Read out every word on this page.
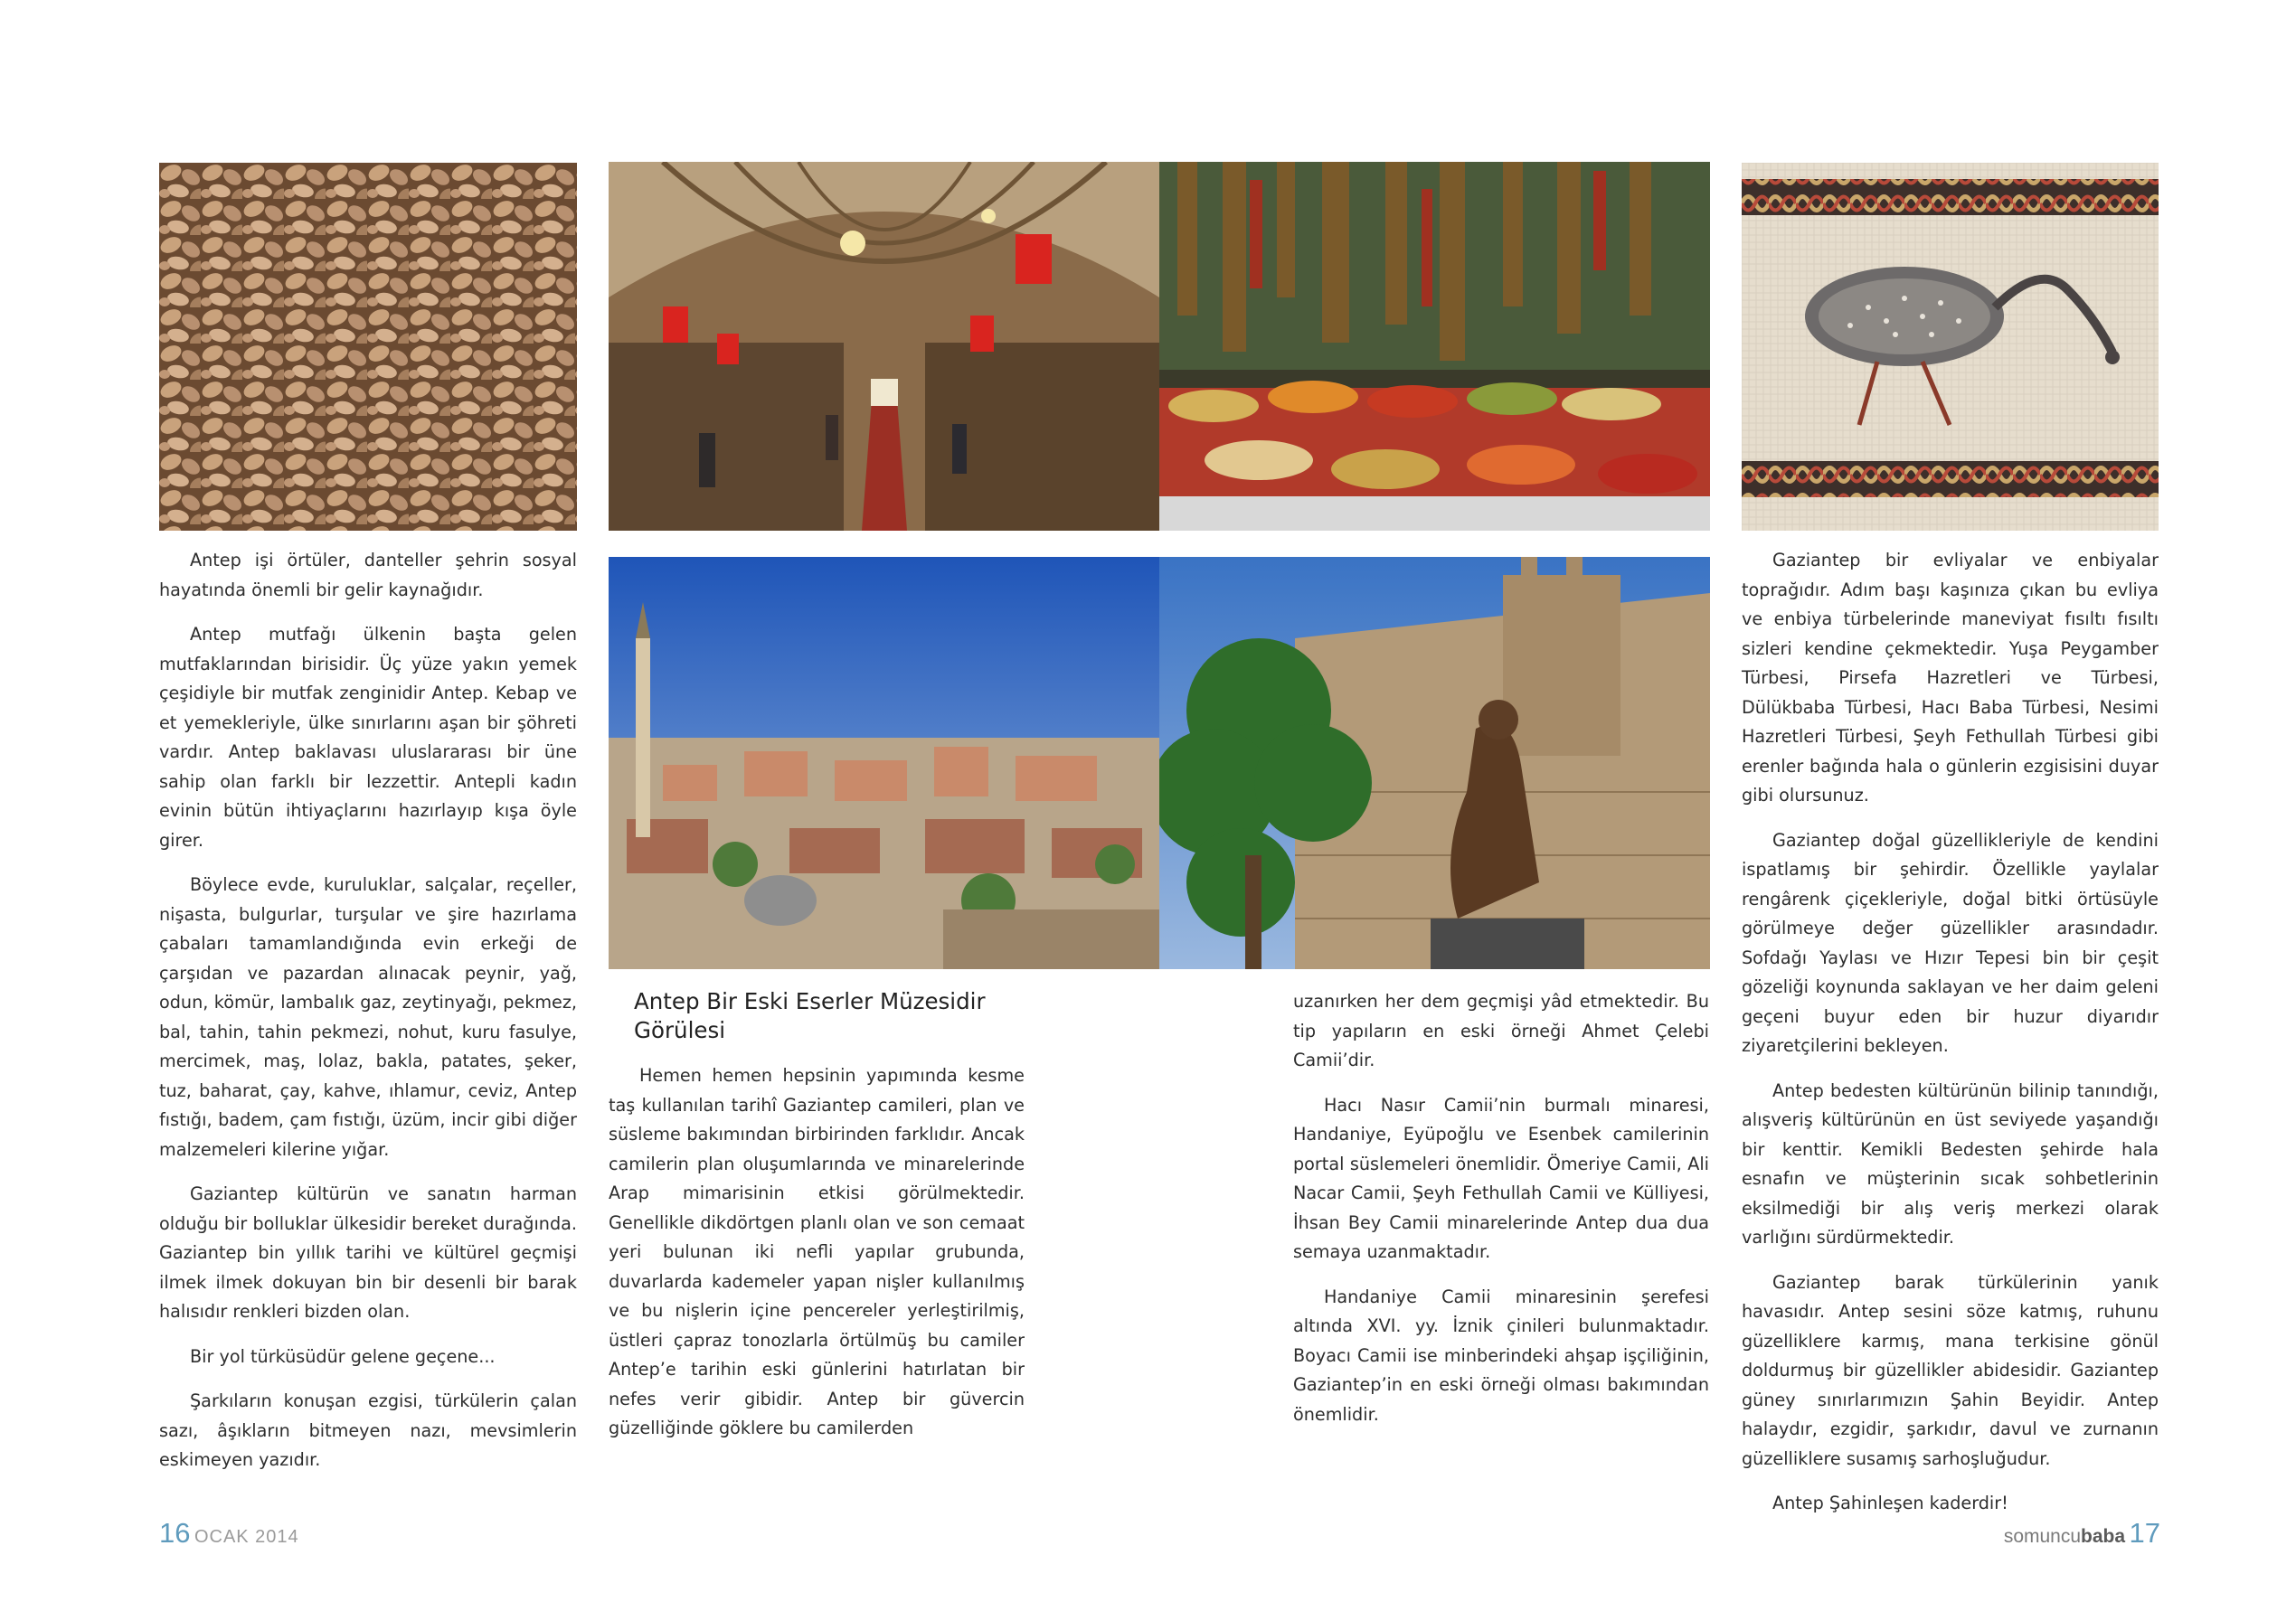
Antep işi örtüler, danteller şehrin sosyal hayatında önemli bir gelir kaynağıdır.

Antep mutfağı ülkenin başta gelen mutfaklarından birisidir. Üç yüze yakın yemek çeşidiyle bir mutfak zenginidir Antep. Kebap ve et yemekleriyle, ülke sınırlarını aşan bir şöhreti vardır. Antep baklavası uluslararası bir üne sahip olan farklı bir lezzettir. Antepli kadın evinin bütün ihtiyaçlarını hazırlayıp kışa öyle girer.

Böylece evde, kuruluklar, salçalar, reçeller, nişasta, bulgurlar, turşular ve şire hazırlama çabaları tamamlandığında evin erkeği de çarşıdan ve pazardan alınacak peynir, yağ, odun, kömür, lambalık gaz, zeytinyağı, pekmez, bal, tahin, tahin pekmezi, nohut, kuru fasulye, mercimek, maş, lolaz, bakla, patates, şeker, tuz, baharat, çay, kahve, ıhlamur, ceviz, Antep fıstığı, badem, çam fıstığı, üzüm, incir gibi diğer malzemeleri kilerine yığar.

Gaziantep kültürün ve sanatın harman olduğu bir bolluklar ülkesidir bereket durağında. Gaziantep bin yıllık tarihi ve kültürel geçmişi ilmek ilmek dokuyan bin bir desenli bir barak halısıdır renkleri bizden olan.

Bir yol türküsüdür gelene geçene...

Şarkıların konuşan ezgisi, türkülerin çalan sazı, âşıkların bitmeyen nazı, mevsimlerin eskimeyen yazıdır.

Antep Bir Eski Eserler Müzesidir Görülesi

Hemen hemen hepsinin yapımında kesme taş kullanılan tarihî Gaziantep camileri, plan ve süsleme bakımından birbirinden farklıdır. Ancak camilerin plan oluşumlarında ve minarelerinde Arap mimarisinin etkisi görülmektedir. Genellikle dikdörtgen planlı olan ve son cemaat yeri bulunan iki nefli yapılar grubunda, duvarlarda kademeler yapan nişler kullanılmış ve bu nişlerin içine pencereler yerleştirilmiş, üstleri çapraz tonozlarla örtülmüş bu camiler Antep’e tarihin eski günlerini hatırlatan bir nefes verir gibidir. Antep bir güvercin güzelliğinde göklere bu camilerden

uzanırken her dem geçmişi yâd etmektedir. Bu tip yapıların en eski örneği Ahmet Çelebi Camii’dir.

Hacı Nasır Camii’nin burmalı minaresi, Handaniye, Eyüpoğlu ve Esenbek camilerinin portal süslemeleri önemlidir. Ömeriye Camii, Ali Nacar Camii, Şeyh Fethullah Camii ve Külliyesi, İhsan Bey Camii minarelerinde Antep dua dua semaya uzanmaktadır.

Handaniye Camii minaresinin şerefesi altında XVI. yy. İznik çinileri bulunmaktadır. Boyacı Camii ise minberindeki ahşap işçiliğinin, Gaziantep’in en eski örneği olması bakımından önemlidir.

Gaziantep bir evliyalar ve enbiyalar toprağıdır. Adım başı kaşınıza çıkan bu evliya ve enbiya türbelerinde maneviyat fısıltı fısıltı sizleri kendine çekmektedir. Yuşa Peygamber Türbesi, Pirsefa Hazretleri ve Türbesi, Dülükbaba Türbesi, Hacı Baba Türbesi, Nesimi Hazretleri Türbesi, Şeyh Fethullah Türbesi gibi erenler bağında hala o günlerin ezgisisini duyar gibi olursunuz.

Gaziantep doğal güzellikleriyle de kendini ispatlamış bir şehirdir. Özellikle yaylalar rengârenk çiçekleriyle, doğal bitki örtüsüyle görülmeye değer güzellikler arasındadır. Sofdağı Yaylası ve Hızır Tepesi bin bir çeşit gözeliği koynunda saklayan ve her daim geleni geçeni buyur eden bir huzur diyarıdır ziyaretçilerini bekleyen.

Antep bedesten kültürünün bilinip tanındığı, alışveriş kültürünün en üst seviyede yaşandığı bir kenttir. Kemikli Bedesten şehirde hala esnafın ve müşterinin sıcak sohbetlerinin eksilmediği bir alış veriş merkezi olarak varlığını sürdürmektedir.

Gaziantep barak türkülerinin yanık havasıdır. Antep sesini söze katmış, ruhunu güzelliklere karmış, mana terkisine gönül doldurmuş bir güzellikler abidesidir. Gaziantep güney sınırlarımızın Şahin Beyidir. Antep halaydır, ezgidir, şarkıdır, davul ve zurnanın güzelliklere susamış sarhoşluğudur.

Antep Şahinleşen kaderdir!

16 OCAK 2014	somuncubaba 17
